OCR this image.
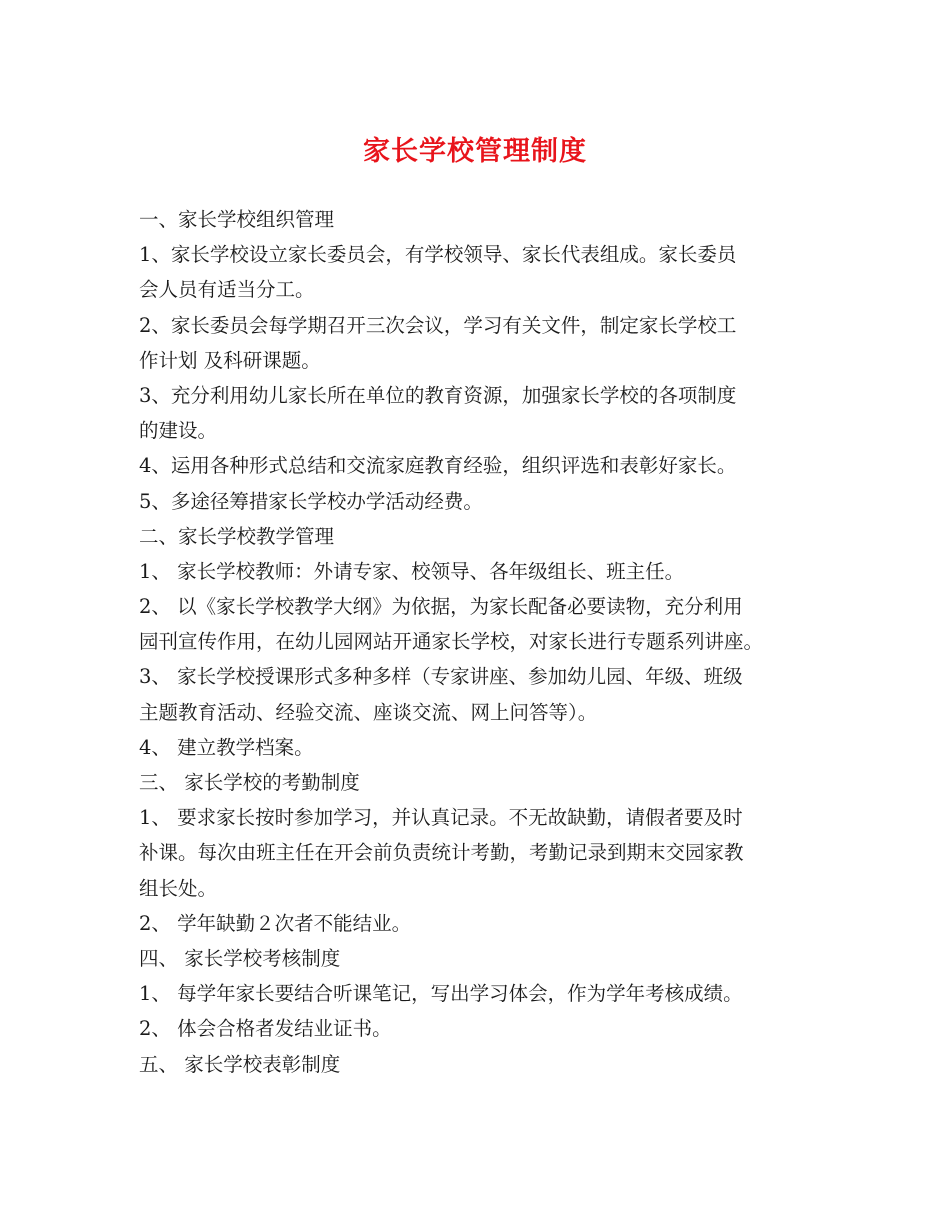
家长学校管理制度
一、家长学校组织管理
1、家长学校设立家长委员会，有学校领导、家长代表组成。家长委员
会人员有适当分工。
2、家长委员会每学期召开三次会议，学习有关文件，制定家长学校工
作计划 及科研课题。
3、充分利用幼儿家长所在单位的教育资源，加强家长学校的各项制度
的建设。
4、运用各种形式总结和交流家庭教育经验，组织评选和表彰好家长。
5、多途径筹措家长学校办学活动经费。
二、家长学校教学管理
1、 家长学校教师：外请专家、校领导、各年级组长、班主任。
2、 以《家长学校教学大纲》为依据，为家长配备必要读物，充分利用
园刊宣传作用，在幼儿园网站开通家长学校，对家长进行专题系列讲座。
3、 家长学校授课形式多种多样（专家讲座、参加幼儿园、年级、班级
主题教育活动、经验交流、座谈交流、网上问答等）。
4、 建立教学档案。
三、 家长学校的考勤制度
1、 要求家长按时参加学习，并认真记录。不无故缺勤，请假者要及时
补课。每次由班主任在开会前负责统计考勤，考勤记录到期末交园家教
组长处。
2、 学年缺勤２次者不能结业。
四、 家长学校考核制度
1、 每学年家长要结合听课笔记，写出学习体会，作为学年考核成绩。
2、 体会合格者发结业证书。
五、 家长学校表彰制度
